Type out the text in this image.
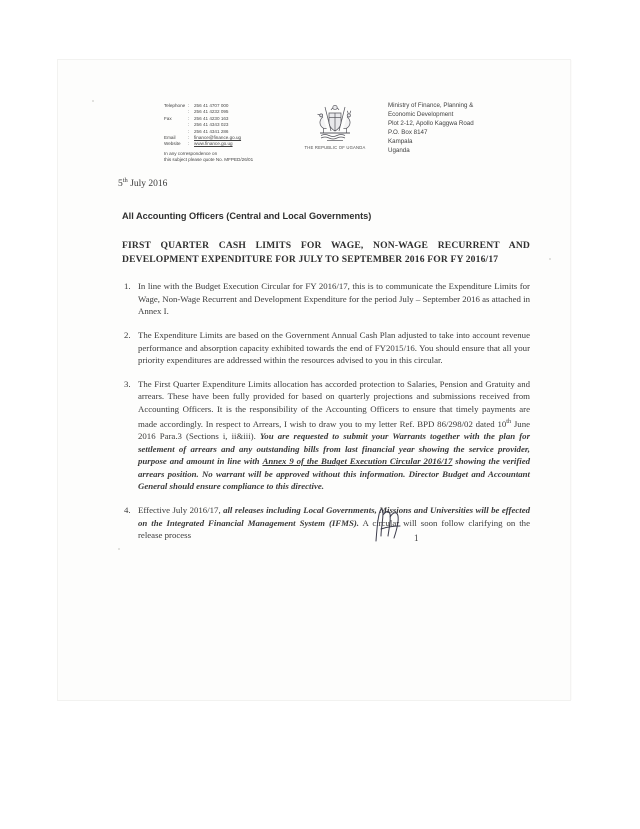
Telephone	:	256 41 4707 000
	:	256 41 4232 095
Fax	:	256 41 4230 163
	:	256 41 4343 023
	:	256 41 4341 286
Email	:	finance@finance.go.ug
Website	:	www.finance.go.ug
In any correspondence on
this subject please quote No. MFPED/26/01
THE REPUBLIC OF UGANDA
Ministry of Finance, Planning &
Economic Development
Plot 2-12, Apollo Kaggwa Road
P.O. Box 8147
Kampala
Uganda
5th July 2016
All Accounting Officers (Central and Local Governments)
FIRST QUARTER CASH LIMITS FOR WAGE, NON-WAGE RECURRENT AND DEVELOPMENT EXPENDITURE FOR JULY TO SEPTEMBER 2016 FOR FY 2016/17
In line with the Budget Execution Circular for FY 2016/17, this is to communicate the Expenditure Limits for Wage, Non-Wage Recurrent and Development Expenditure for the period July – September 2016 as attached in Annex I.
The Expenditure Limits are based on the Government Annual Cash Plan adjusted to take into account revenue performance and absorption capacity exhibited towards the end of FY2015/16. You should ensure that all your priority expenditures are addressed within the resources advised to you in this circular.
The First Quarter Expenditure Limits allocation has accorded protection to Salaries, Pension and Gratuity and arrears. These have been fully provided for based on quarterly projections and submissions received from Accounting Officers. It is the responsibility of the Accounting Officers to ensure that timely payments are made accordingly. In respect to Arrears, I wish to draw you to my letter Ref. BPD 86/298/02 dated 10th June 2016 Para.3 (Sections i, ii&iii). You are requested to submit your Warrants together with the plan for settlement of arrears and any outstanding bills from last financial year showing the service provider, purpose and amount in line with Annex 9 of the Budget Execution Circular 2016/17 showing the verified arrears position. No warrant will be approved without this information. Director Budget and Accountant General should ensure compliance to this directive.
Effective July 2016/17, all releases including Local Governments, Missions and Universities will be effected on the Integrated Financial Management System (IFMS). A circular will soon follow clarifying on the release process	1
